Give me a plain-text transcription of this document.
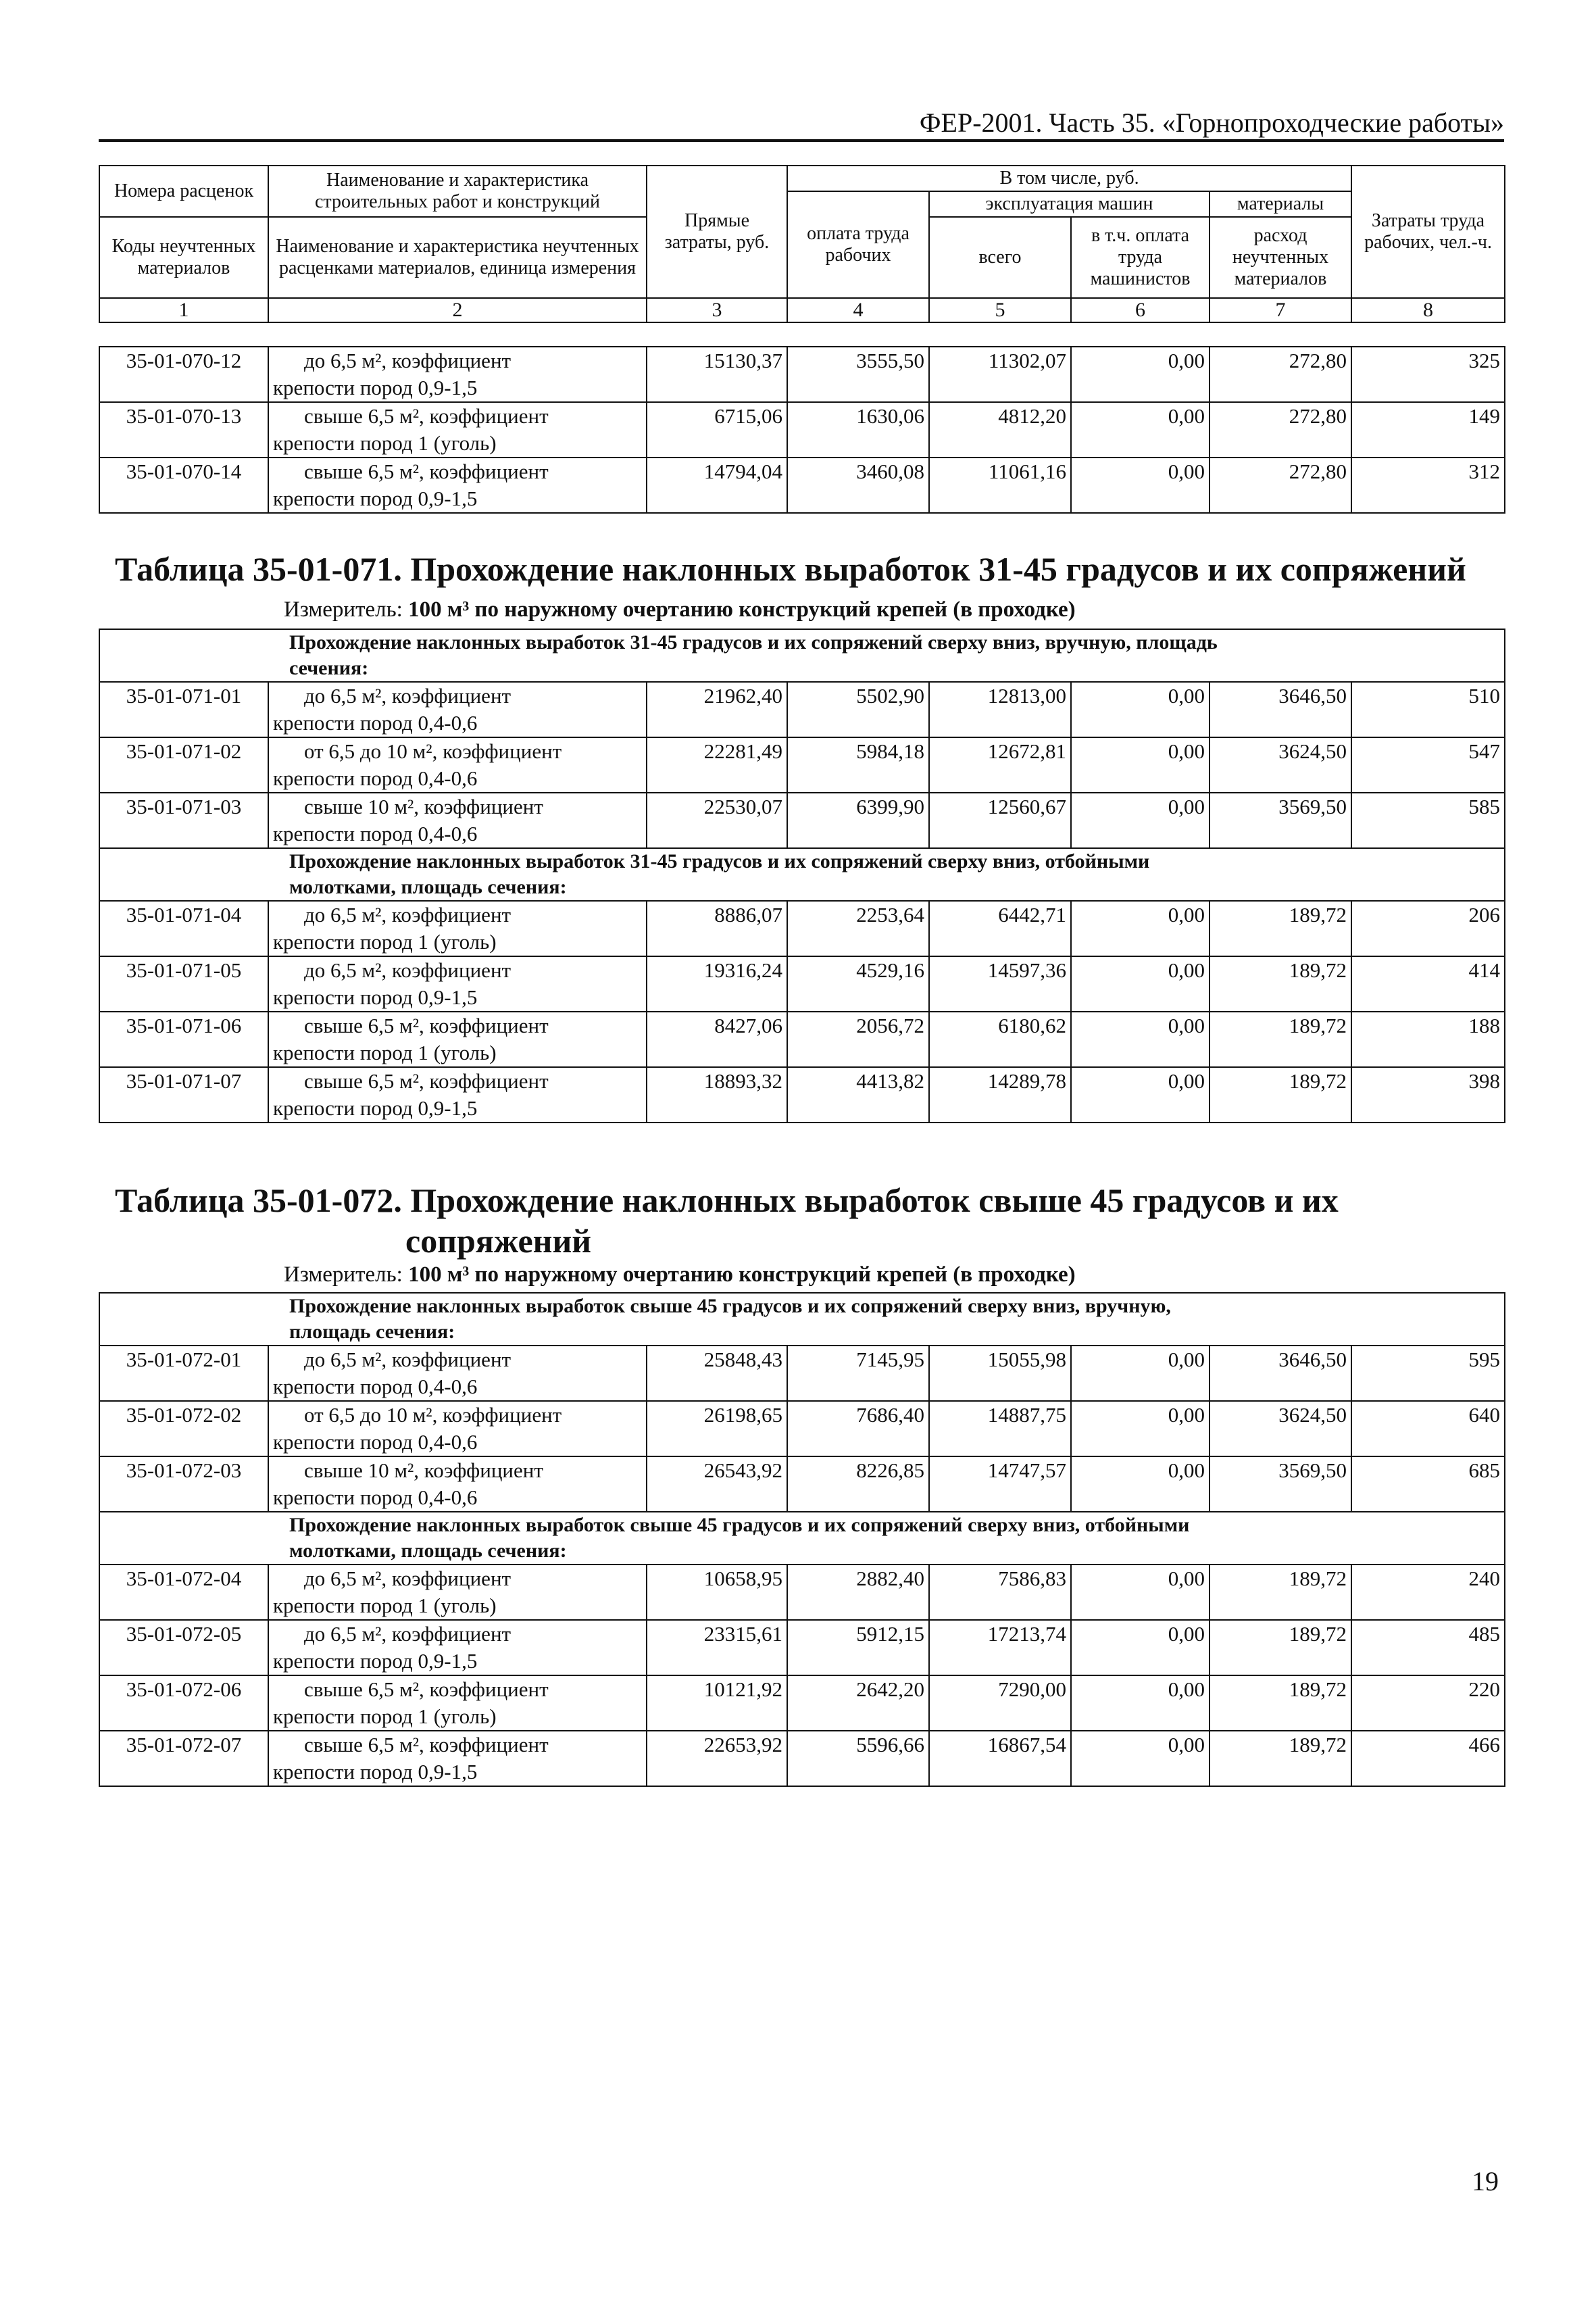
ФЕР-2001. Часть 35. «Горнопроходческие работы»
Номера расценок	Наименование и характеристика строительных работ и конструкций	Прямые затраты, руб.	В том числе, руб.				Затраты труда рабочих, чел.-ч.
			оплата труда рабочих	эксплуатация машин		материалы	
Коды неучтенных материалов	Наименование и характеристика неучтенных расценками материалов, единица измерения			всего	в т.ч. оплата труда машинистов	расход неучтенных материалов	

1	2	3	4	5	6	7	8
35-01-070-12	до 6,5 м², коэффициент
крепости пород 0,9-1,5	15130,37	3555,50	11302,07	0,00	272,80	325
35-01-070-13	свыше 6,5 м², коэффициент
крепости пород 1 (уголь)	6715,06	1630,06	4812,20	0,00	272,80	149
35-01-070-14	свыше 6,5 м², коэффициент
крепости пород 0,9-1,5	14794,04	3460,08	11061,16	0,00	272,80	312
Таблица 35-01-071. Прохождение наклонных выработок 31-45 градусов и их сопряжений
Измеритель: 100 м³ по наружному очертанию конструкций крепей (в проходке)
Прохождение наклонных выработок 31-45 градусов и их сопряжений сверху вниз, вручную, площадь
сечения:							

35-01-071-01	до 6,5 м², коэффициент
крепости пород 0,4-0,6	21962,40	5502,90	12813,00	0,00	3646,50	510
35-01-071-02	от 6,5 до 10 м², коэффициент
крепости пород 0,4-0,6	22281,49	5984,18	12672,81	0,00	3624,50	547
35-01-071-03	свыше 10 м², коэффициент
крепости пород 0,4-0,6	22530,07	6399,90	12560,67	0,00	3569,50	585

Прохождение наклонных выработок 31-45 градусов и их сопряжений сверху вниз, отбойными
молотками, площадь сечения:							

35-01-071-04	до 6,5 м², коэффициент
крепости пород 1 (уголь)	8886,07	2253,64	6442,71	0,00	189,72	206
35-01-071-05	до 6,5 м², коэффициент
крепости пород 0,9-1,5	19316,24	4529,16	14597,36	0,00	189,72	414
35-01-071-06	свыше 6,5 м², коэффициент
крепости пород 1 (уголь)	8427,06	2056,72	6180,62	0,00	189,72	188
35-01-071-07	свыше 6,5 м², коэффициент
крепости пород 0,9-1,5	18893,32	4413,82	14289,78	0,00	189,72	398
Таблица 35-01-072. Прохождение наклонных выработок свыше 45 градусов и их
сопряжений
Измеритель: 100 м³ по наружному очертанию конструкций крепей (в проходке)
Прохождение наклонных выработок свыше 45 градусов и их сопряжений сверху вниз, вручную,
площадь сечения:							

35-01-072-01	до 6,5 м², коэффициент
крепости пород 0,4-0,6	25848,43	7145,95	15055,98	0,00	3646,50	595
35-01-072-02	от 6,5 до 10 м², коэффициент
крепости пород 0,4-0,6	26198,65	7686,40	14887,75	0,00	3624,50	640
35-01-072-03	свыше 10 м², коэффициент
крепости пород 0,4-0,6	26543,92	8226,85	14747,57	0,00	3569,50	685

Прохождение наклонных выработок свыше 45 градусов и их сопряжений сверху вниз, отбойными
молотками, площадь сечения:							

35-01-072-04	до 6,5 м², коэффициент
крепости пород 1 (уголь)	10658,95	2882,40	7586,83	0,00	189,72	240
35-01-072-05	до 6,5 м², коэффициент
крепости пород 0,9-1,5	23315,61	5912,15	17213,74	0,00	189,72	485
35-01-072-06	свыше 6,5 м², коэффициент
крепости пород 1 (уголь)	10121,92	2642,20	7290,00	0,00	189,72	220
35-01-072-07	свыше 6,5 м², коэффициент
крепости пород 0,9-1,5	22653,92	5596,66	16867,54	0,00	189,72	466
19
